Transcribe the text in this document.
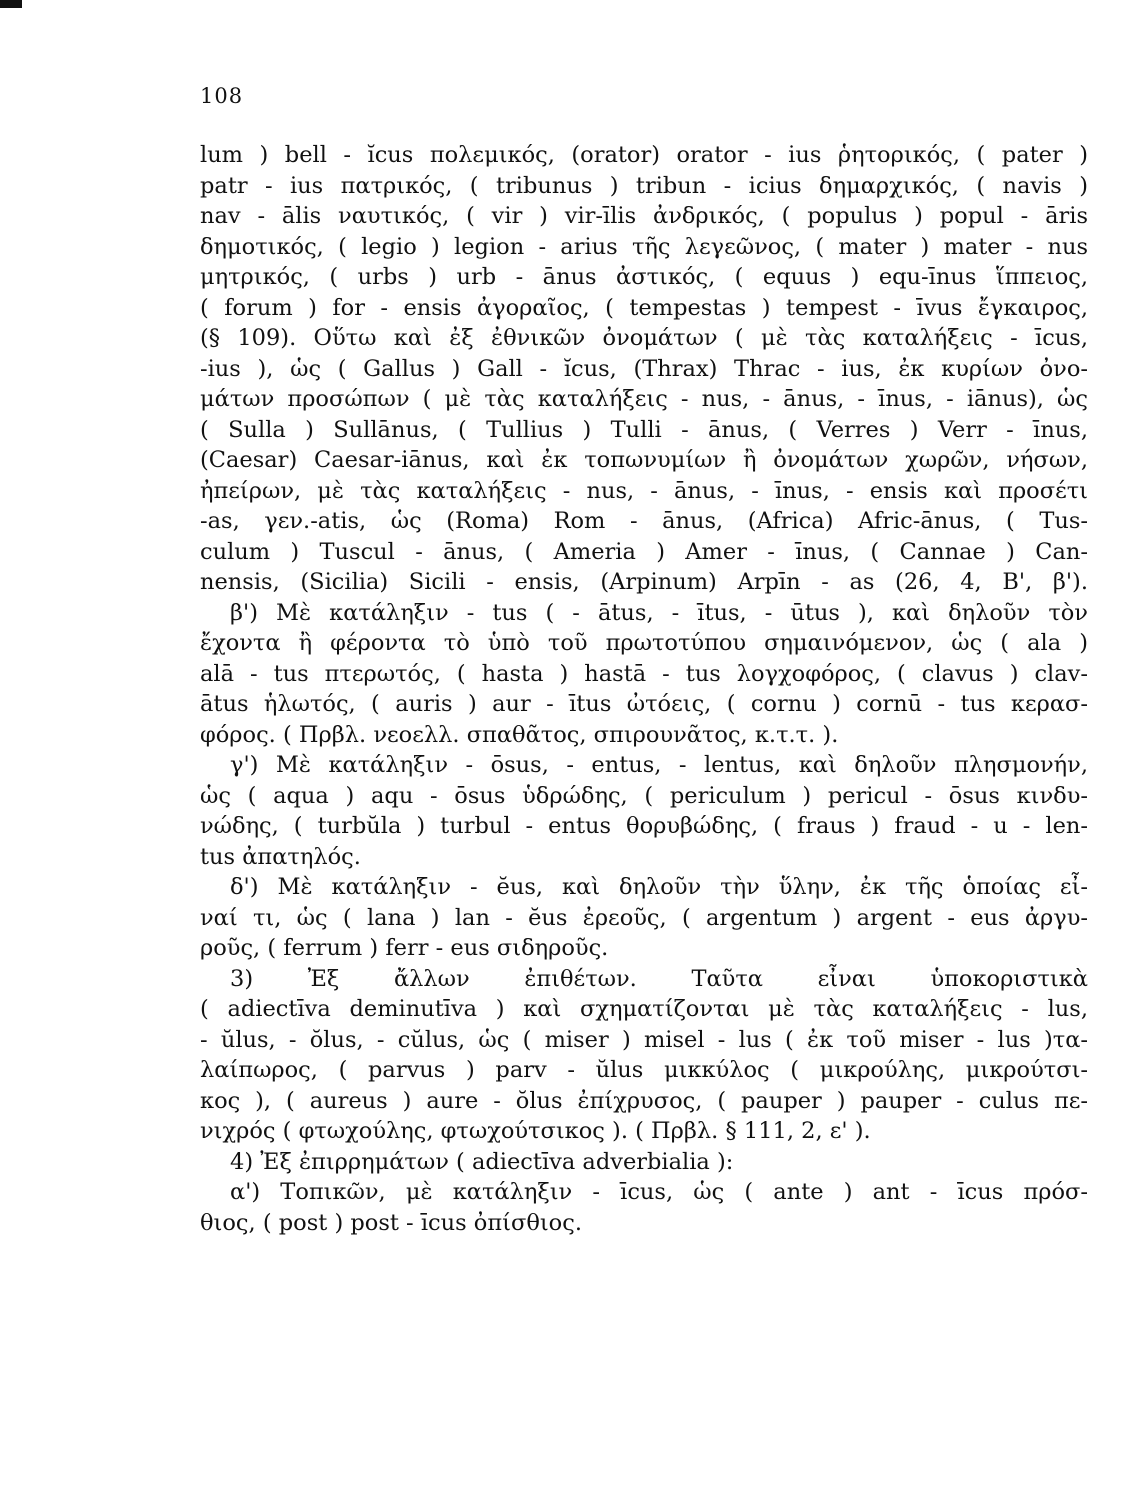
108
lum ) bell - ĭcus πολεμικός, (orator) orator - ius ῥητορικός, ( pater )
patr - ius πατρικός, ( tribunus ) tribun - icius δημαρχικός, ( navis )
nav - ālis ναυτικός, ( vir ) vir-īlis ἀνδρικός, ( populus ) popul - āris
δημοτικός, ( legio ) legion - arius τῆς λεγεῶνος, ( mater ) mater - nus
μητρικός, ( urbs ) urb - ānus ἀστικός, ( equus ) equ-īnus ἵππειος,
( forum ) for - ensis ἀγοραῖος, ( tempestas ) tempest - īvus ἔγκαιρος,
(§ 109). Οὕτω καὶ ἐξ ἐθνικῶν ὀνομάτων ( μὲ τὰς καταλήξεις - īcus,
-ius ), ὡς ( Gallus ) Gall - ĭcus, (Thrax) Thrac - ius, ἐκ κυρίων ὀνο-
μάτων προσώπων ( μὲ τὰς καταλήξεις - nus, - ānus, - īnus, - iānus), ὡς
( Sulla ) Sullānus, ( Tullius ) Tulli - ānus, ( Verres ) Verr - īnus,
(Caesar) Caesar-iānus, καὶ ἐκ τοπωνυμίων ἢ ὀνομάτων χωρῶν, νήσων,
ἠπείρων, μὲ τὰς καταλήξεις - nus, - ānus, - īnus, - ensis καὶ προσέτι
-as, γεν.-atis, ὡς (Roma) Rom - ānus, (Africa) Afric-ānus, ( Tus-
culum ) Tuscul - ānus, ( Ameria ) Amer - īnus, ( Cannae ) Can-
nensis, (Sicilia) Sicili - ensis, (Arpinum) Arpīn - as (26, 4, Β', β').
β') Μὲ κατάληξιν - tus ( - ātus, - ītus, - ūtus ), καὶ δηλοῦν τὸν
ἔχοντα ἢ φέροντα τὸ ὑπὸ τοῦ πρωτοτύπου σημαινόμενον, ὡς ( ala )
alā - tus πτερωτός, ( hasta ) hastā - tus λογχοφόρος, ( clavus ) clav-
ātus ἡλωτός, ( auris ) aur - ītus ὠτόεις, ( cornu ) cornū - tus κερασ-
φόρος. ( Πρβλ. νεοελλ. σπαθᾶτος, σπιρουνᾶτος, κ.τ.τ. ).
γ') Μὲ κατάληξιν - ōsus, - entus, - lentus, καὶ δηλοῦν πλησμονήν,
ὡς ( aqua ) aqu - ōsus ὑδρώδης, ( periculum ) pericul - ōsus κινδυ-
νώδης, ( turbŭla ) turbul - entus θορυβώδης, ( fraus ) fraud - u - len-
tus ἀπατηλός.
δ') Μὲ κατάληξιν - ĕus, καὶ δηλοῦν τὴν ὕλην, ἐκ τῆς ὁποίας εἶ-
ναί τι, ὡς ( lana ) lan - ĕus ἐρεοῦς, ( argentum ) argent - eus ἀργυ-
ροῦς, ( ferrum ) ferr - eus σιδηροῦς.
3) Ἐξ ἄλλων ἐπιθέτων. Ταῦτα εἶναι ὑποκοριστικὰ
( adiectīva deminutīva ) καὶ σχηματίζονται μὲ τὰς καταλήξεις - lus,
- ŭlus, - ŏlus, - cŭlus, ὡς ( miser ) misel - lus ( ἐκ τοῦ miser - lus )τα-
λαίπωρος, ( parvus ) parv - ŭlus μικκύλος ( μικρούλης, μικρούτσι-
κος ), ( aureus ) aure - ŏlus ἐπίχρυσος, ( pauper ) pauper - culus πε-
νιχρός ( φτωχούλης, φτωχούτσικος ). ( Πρβλ. § 111, 2, ε' ).
4) Ἐξ ἐπιρρημάτων ( adiectīva adverbialia ):
α') Τοπικῶν, μὲ κατάληξιν - īcus, ὡς ( ante ) ant - īcus πρόσ-
θιος, ( post ) post - īcus ὀπίσθιος.
